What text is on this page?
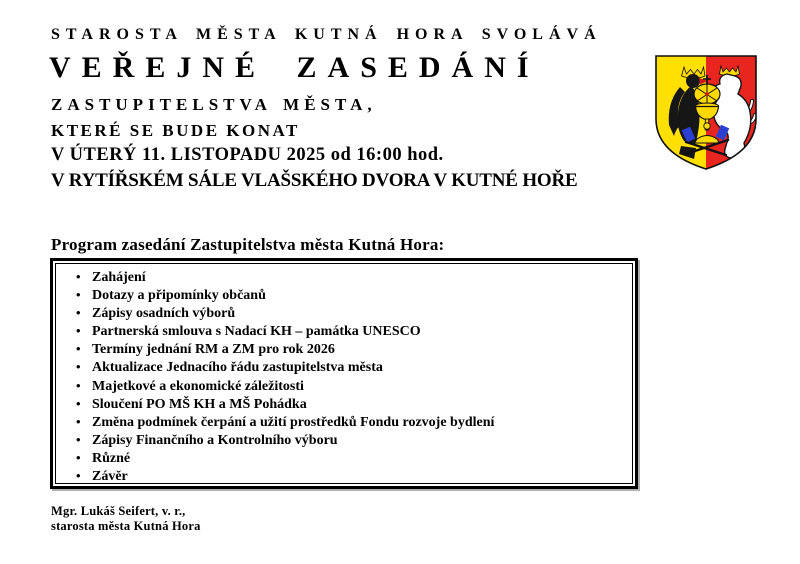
STAROSTA MĚSTA KUTNÁ HORA SVOLÁVÁ
VEŘEJNÉ ZASEDÁNÍ
ZASTUPITELSTVA MĚSTA,
KTERÉ SE BUDE KONAT
V ÚTERÝ 11. LISTOPADU 2025 od 16:00 hod.
V RYTÍŘSKÉM SÁLE VLAŠSKÉHO DVORA V KUTNÉ HOŘE
Program zasedání Zastupitelstva města Kutná Hora:
• Zahájení
• Dotazy a připomínky občanů
• Zápisy osadních výborů
• Partnerská smlouva s Nadací KH – památka UNESCO
• Termíny jednání RM a ZM pro rok 2026
• Aktualizace Jednacího řádu zastupitelstva města
• Majetkové a ekonomické záležitosti
• Sloučení PO MŠ KH a MŠ Pohádka
• Změna podmínek čerpání a užití prostředků Fondu rozvoje bydlení
• Zápisy Finančního a Kontrolního výboru
• Různé
• Závěr
Mgr. Lukáš Seifert, v. r.,
starosta města Kutná Hora
